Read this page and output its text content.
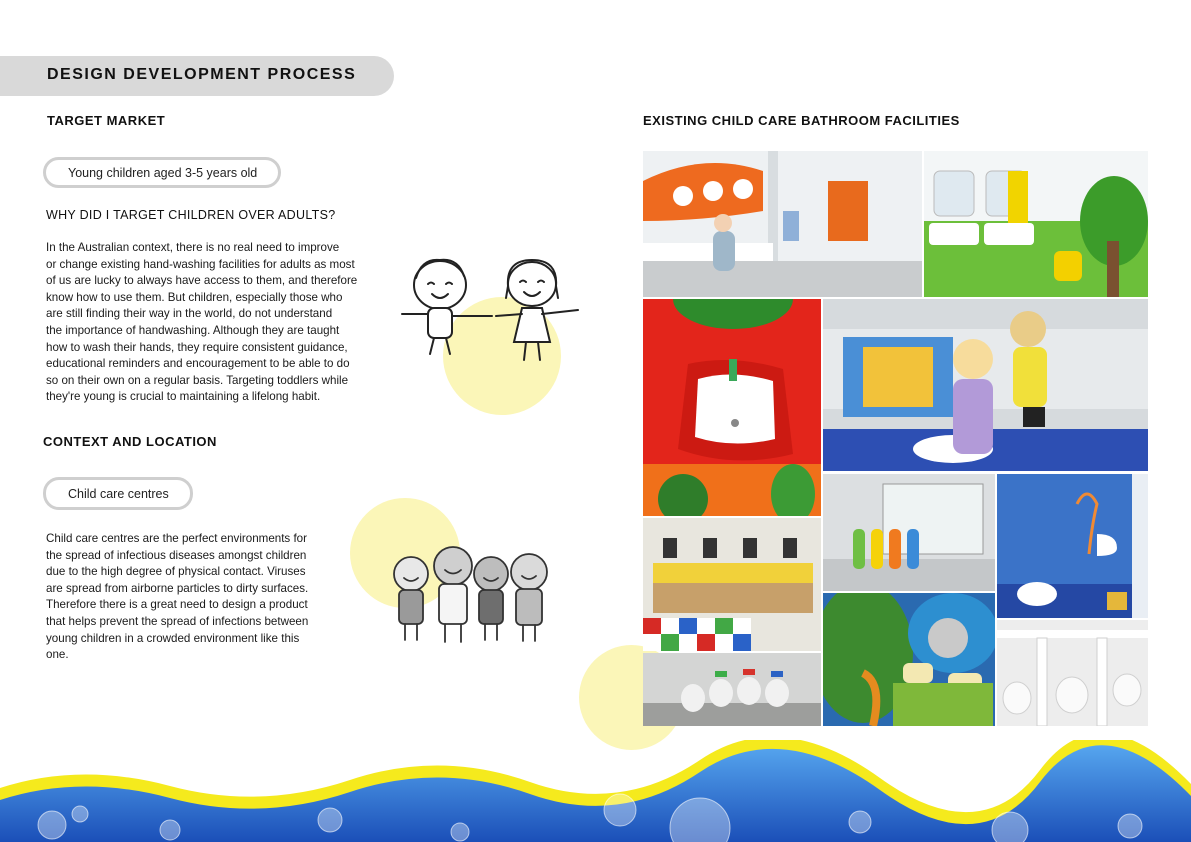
DESIGN DEVELOPMENT PROCESS
TARGET MARKET
Young children aged 3-5 years old
WHY DID I TARGET CHILDREN OVER ADULTS?
In the Australian context, there is no real need to improve
or change existing hand-washing facilities for adults as most
of us are lucky to always have access to them, and therefore
know how to use them. But children, especially those who
are still finding their way in the world, do not understand
the importance of handwashing. Although they are taught
how to wash their hands, they require consistent guidance,
educational reminders and encouragement to be able to do
so on their own on a regular basis. Targeting toddlers while
they're young is crucial to maintaining a lifelong habit.
CONTEXT AND LOCATION
Child care centres
Child care centres are the perfect environments for
the spread of infectious diseases amongst children
due to the high degree of physical contact. Viruses
are spread from airborne particles to dirty surfaces.
Therefore there is a great need to design a product
that helps prevent the spread of infections between
young children in a crowded environment like this
one.
EXISTING CHILD CARE BATHROOM FACILITIES
